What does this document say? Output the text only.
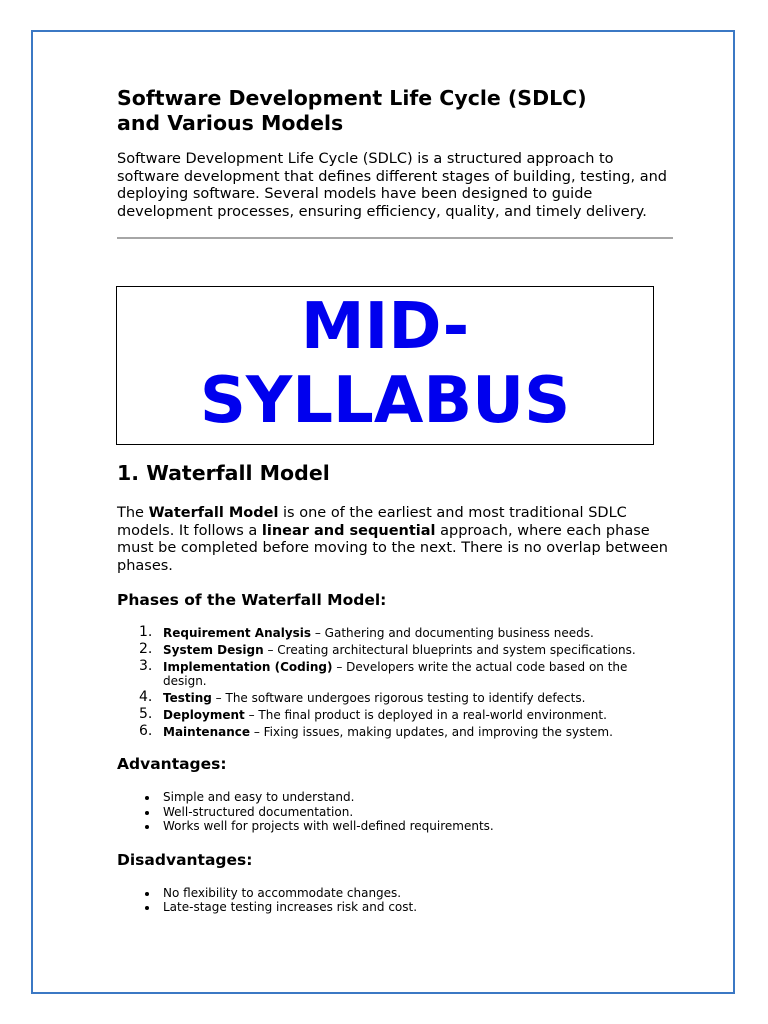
Software Development Life Cycle (SDLC)
and Various Models

Software Development Life Cycle (SDLC) is a structured approach to software development that defines different stages of building, testing, and deploying software. Several models have been designed to guide development processes, ensuring efficiency, quality, and timely delivery.

MID-
SYLLABUS
1. Waterfall Model

The Waterfall Model is one of the earliest and most traditional SDLC models. It follows a linear and sequential approach, where each phase must be completed before moving to the next. There is no overlap between phases.

Phases of the Waterfall Model:
1. Requirement Analysis – Gathering and documenting business needs.
2. System Design – Creating architectural blueprints and system specifications.
3. Implementation (Coding) – Developers write the actual code based on the design.
4. Testing – The software undergoes rigorous testing to identify defects.
5. Deployment – The final product is deployed in a real-world environment.
6. Maintenance – Fixing issues, making updates, and improving the system.
Advantages:
Simple and easy to understand.
Well-structured documentation.
Works well for projects with well-defined requirements.
Disadvantages:
No flexibility to accommodate changes.
Late-stage testing increases risk and cost.
